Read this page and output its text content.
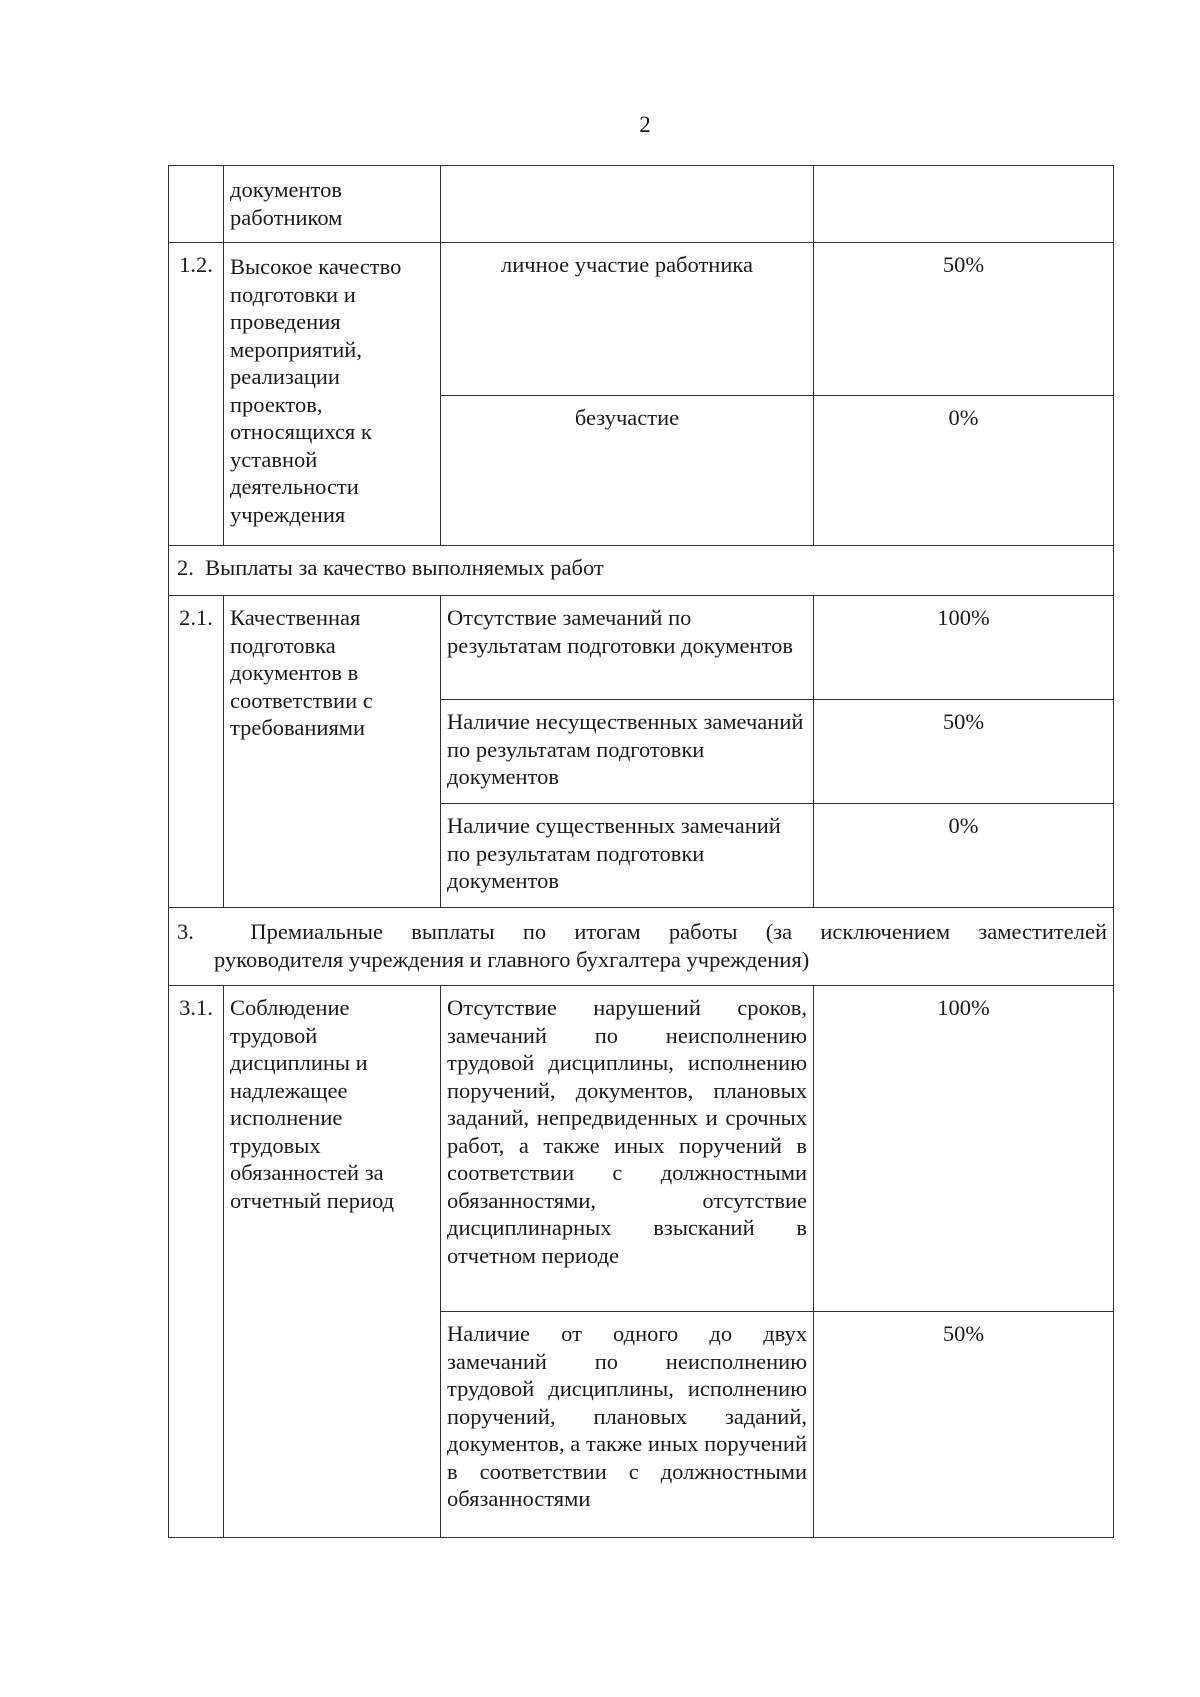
2
	документов работником		
1.2.	Высокое качество подготовки и проведения мероприятий, реализации проектов, относящихся к уставной деятельности учреждения	личное участие работника	50%
		безучастие	0%
2.  Выплаты за качество выполняемых работ			
2.1.	Качественная подготовка документов в соответствии с требованиями	Отсутствие замечаний по результатам подготовки документов	100%
		Наличие несущественных замечаний по результатам подготовки документов	50%
		Наличие существенных замечаний по результатам подготовки документов	0%

3.  Премиальные выплаты по итогам работы (за исключением заместителей
руководителя учреждения и главного бухгалтера учреждения)			

3.1.	Соблюдение трудовой дисциплины и надлежащее исполнение трудовых обязанностей за отчетный период	Отсутствие нарушений сроков, замечаний по неисполнению трудовой дисциплины, исполнению поручений, документов, плановых заданий, непредвиденных и срочных работ, а также иных поручений в соответствии с должностными обязанностями, отсутствие дисциплинарных взысканий в отчетном периоде	100%
		Наличие от одного до двух замечаний по неисполнению трудовой дисциплины, исполнению поручений, плановых заданий, документов, а также иных поручений в соответствии с должностными обязанностями	50%
